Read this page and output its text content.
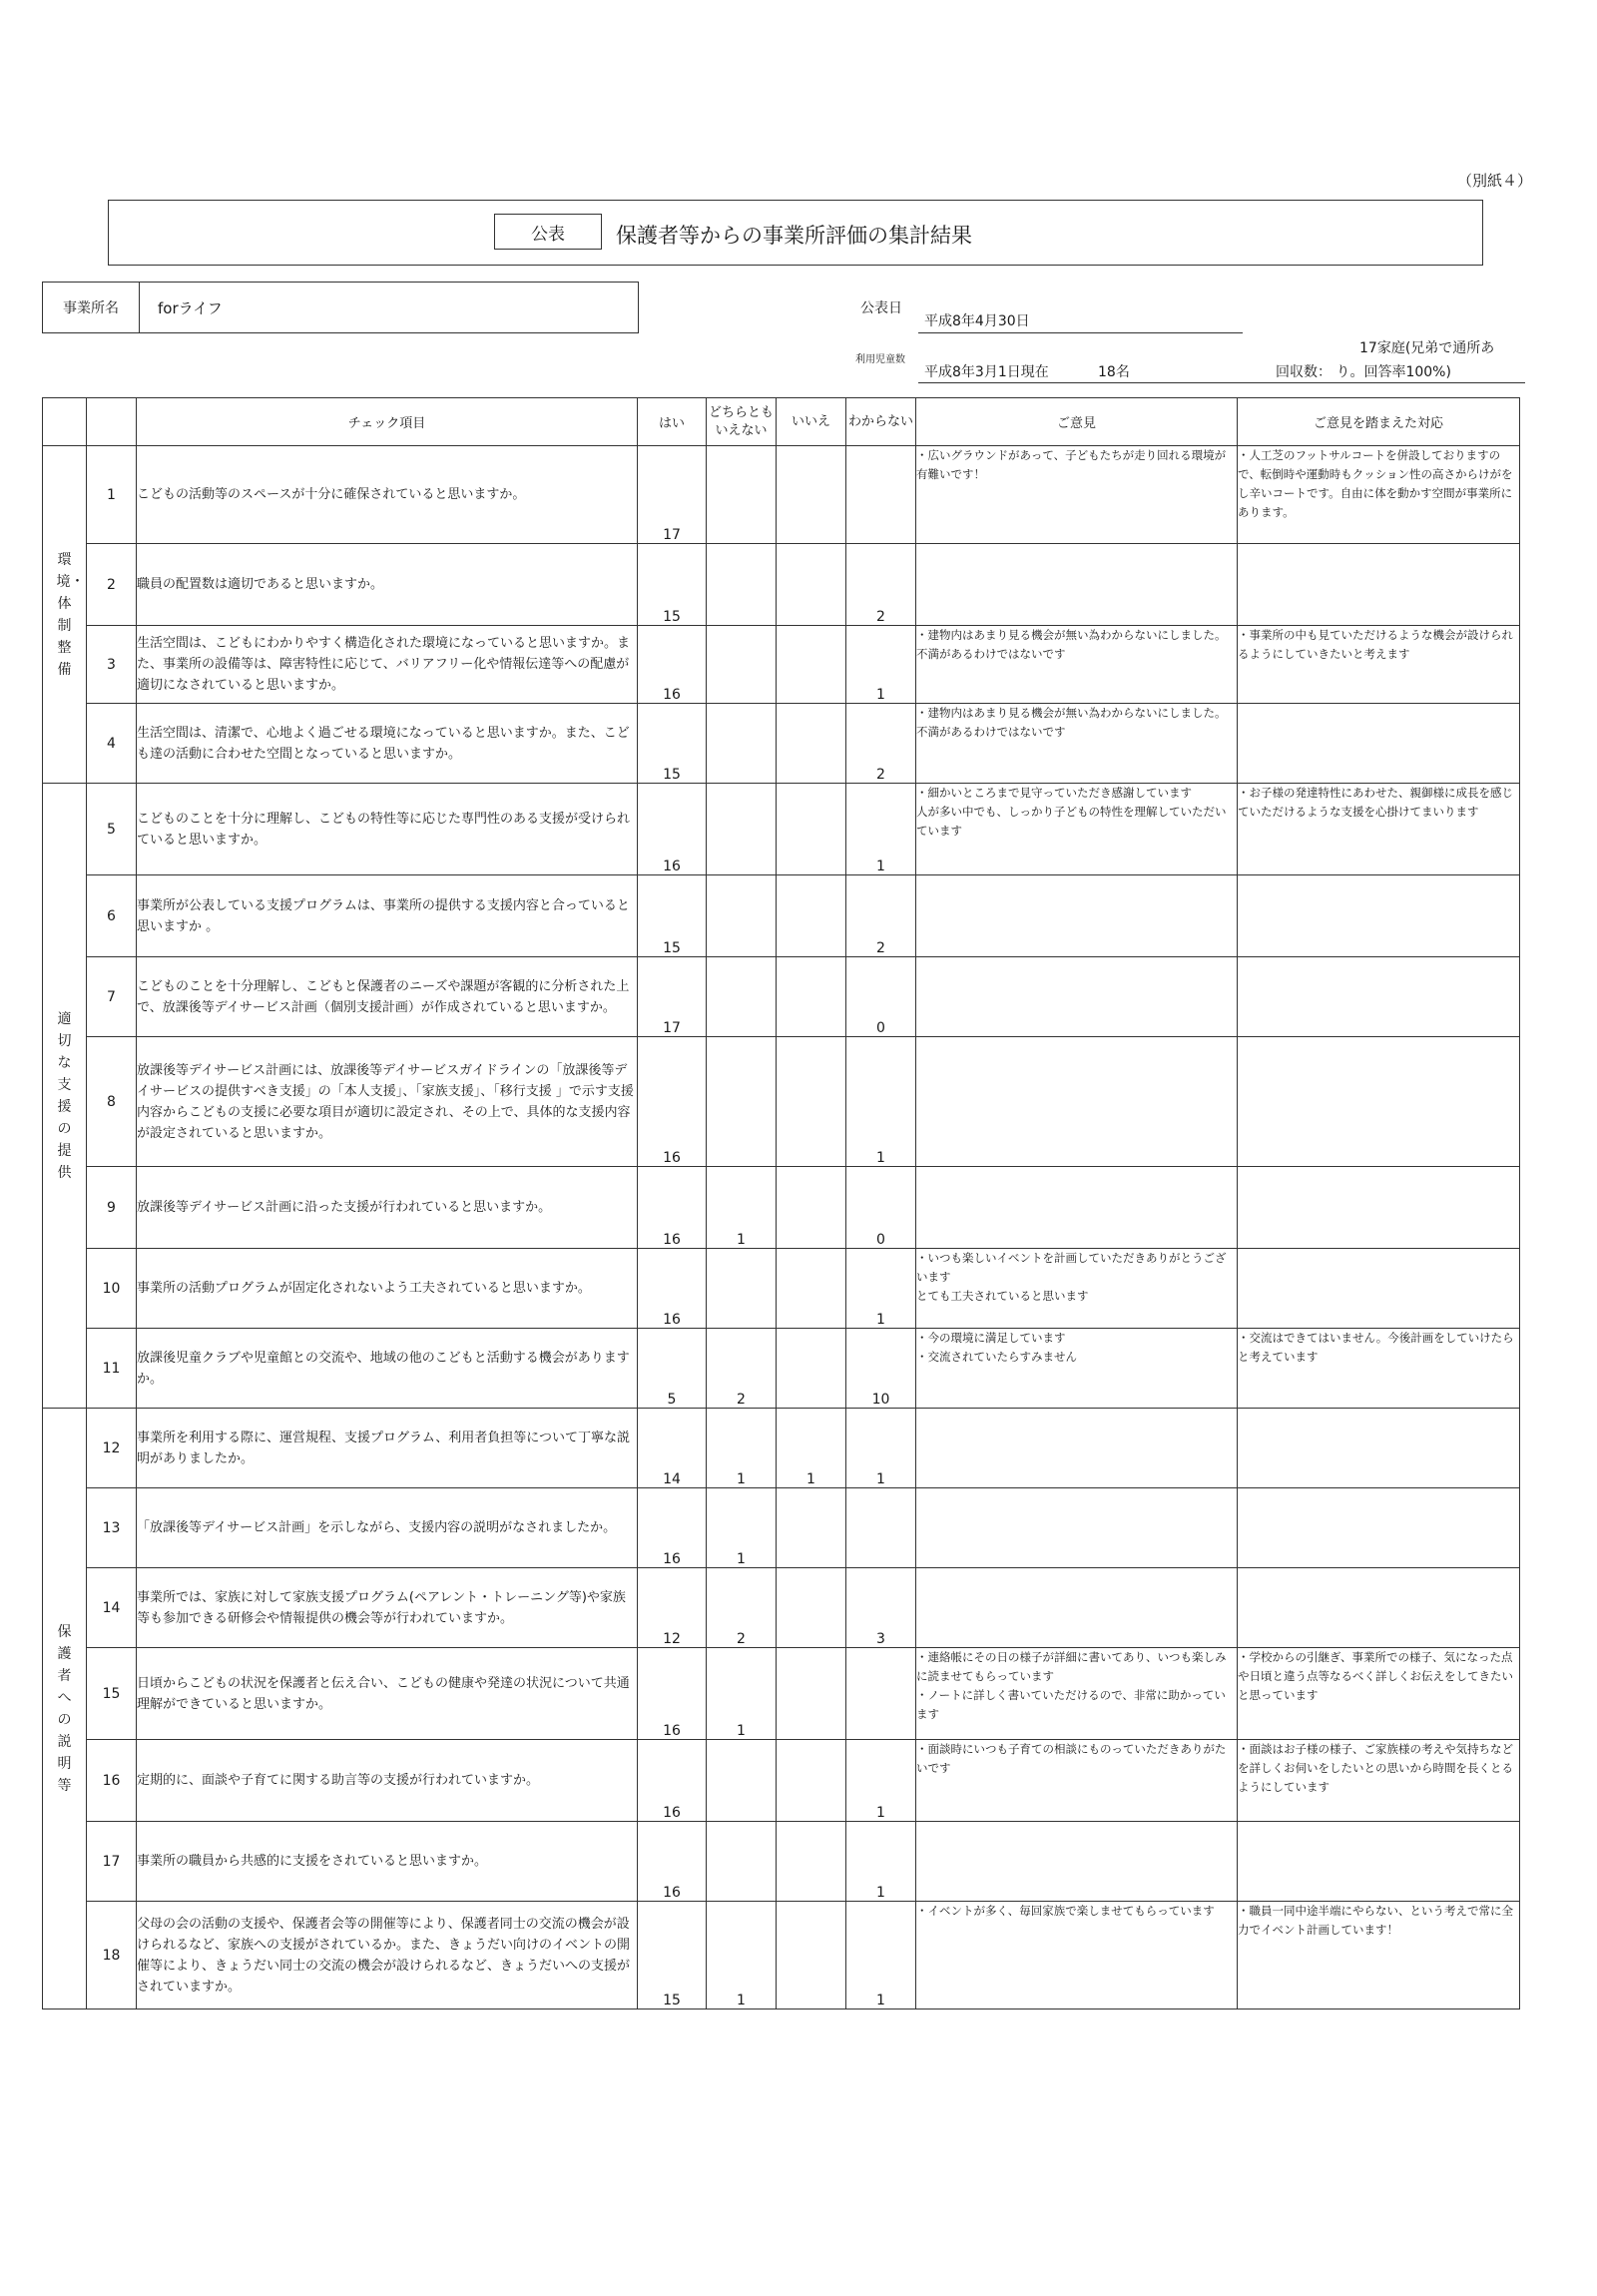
（別紙４）
公表	保護者等からの事業所評価の集計結果
事業所名	forライフ	公表日
平成8年4月30日
利用児童数
平成8年3月1日現在	18名
17家庭(兄弟で通所あ
回収数： り。回答率100%)
		チェック項目	はい	どちらとも
いえない	いいえ	わからない	ご意見	ご意見を踏まえた対応

環境・体制整備	1	こどもの活動等のスペースが十分に確保されていると思いますか。	17				・広いグラウンドがあって、子どもたちが走り回れる環境が有難いです！	・人工芝のフットサルコートを併設しておりますので、転倒時や運動時もクッション性の高さからけがをし辛いコートです。自由に体を動かす空間が事業所にあります。

	2	職員の配置数は適切であると思いますか。	15			2		
	3	生活空間は、こどもにわかりやすく構造化された環境になっていると思いますか。また、事業所の設備等は、障害特性に応じて、バリアフリー化や情報伝達等への配慮が適切になされていると思いますか。	16			1	・建物内はあまり見る機会が無い為わからないにしました。不満があるわけではないです	・事業所の中も見ていただけるような機会が設けられるようにしていきたいと考えます

	4	生活空間は、清潔で、心地よく過ごせる環境になっていると思いますか。また、こども達の活動に合わせた空間となっていると思いますか。	15			2	・建物内はあまり見る機会が無い為わからないにしました。不満があるわけではないです	

適切な支援の提供	5	こどものことを十分に理解し、こどもの特性等に応じた専門性のある支援が受けられていると思いますか。	16			1	・細かいところまで見守っていただき感謝しています
人が多い中でも、しっかり子どもの特性を理解していただいています	・お子様の発達特性にあわせた、親御様に成長を感じていただけるような支援を心掛けてまいります

	6	事業所が公表している支援プログラムは、事業所の提供する支援内容と合っていると思いますか 。	15			2		
	7	こどものことを十分理解し、こどもと保護者のニーズや課題が客観的に分析された上で、放課後等デイサービス計画（個別支援計画）が作成されていると思いますか。	17			0		
	8	放課後等デイサービス計画には、放課後等デイサービスガイドラインの「放課後等デイサービスの提供すべき支援」の「本人支援」、「家族支援」、「移行支援 」で示す支援内容からこどもの支援に必要な項目が適切に設定され、その上で、具体的な支援内容が設定されていると思いますか。	16			1		
	9	放課後等デイサービス計画に沿った支援が行われていると思いますか。	16	1		0		
	10	事業所の活動プログラムが固定化されないよう工夫されていると思いますか。	16			1	・いつも楽しいイベントを計画していただきありがとうございます
とても工夫されていると思います	

	11	放課後児童クラブや児童館との交流や、地域の他のこどもと活動する機会がありますか。	5	2		10	・今の環境に満足しています
・交流されていたらすみません	・交流はできてはいません。今後計画をしていけたらと考えています

保護者への説明等	12	事業所を利用する際に、運営規程、支援プログラム、利用者負担等について丁寧な説明がありましたか。	14	1	1	1		
	13	「放課後等デイサービス計画」を示しながら、支援内容の説明がなされましたか。	16	1				
	14	事業所では、家族に対して家族支援プログラム(ペアレント・トレーニング等)や家族等も参加できる研修会や情報提供の機会等が行われていますか。	12	2		3		
	15	日頃からこどもの状況を保護者と伝え合い、こどもの健康や発達の状況について共通理解ができていると思いますか。	16	1			・連絡帳にその日の様子が詳細に書いてあり、いつも楽しみに読ませてもらっています
・ノートに詳しく書いていただけるので、非常に助かっています	・学校からの引継ぎ、事業所での様子、気になった点や日頃と違う点等なるべく詳しくお伝えをしてきたいと思っています

	16	定期的に、面談や子育てに関する助言等の支援が行われていますか。	16			1	・面談時にいつも子育ての相談にものっていただきありがたいです	・面談はお子様の様子、ご家族様の考えや気持ちなどを詳しくお伺いをしたいとの思いから時間を長くとるようにしています

	17	事業所の職員から共感的に支援をされていると思いますか。	16			1		
	18	父母の会の活動の支援や、保護者会等の開催等により、保護者同士の交流の機会が設けられるなど、家族への支援がされているか。また、きょうだい向けのイベントの開催等により、きょうだい同士の交流の機会が設けられるなど、きょうだいへの支援がされていますか。	15	1		1	・イベントが多く、毎回家族で楽しませてもらっています	・職員一同中途半端にやらない、という考えで常に全力でイベント計画しています！
